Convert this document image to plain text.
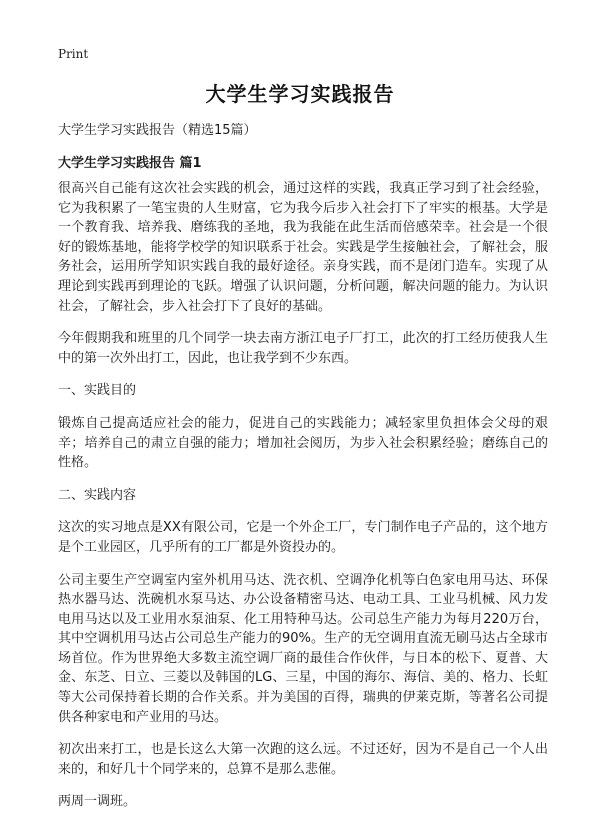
Print
大学生学习实践报告

大学生学习实践报告（精选15篇）

大学生学习实践报告 篇1

很高兴自己能有这次社会实践的机会，通过这样的实践，我真正学习到了社会经验，它为我积累了一笔宝贵的人生财富，它为我今后步入社会打下了牢实的根基。大学是一个教育我、培养我、磨练我的圣地，我为我能在此生活而倍感荣幸。社会是一个很好的锻炼基地，能将学校学的知识联系于社会。实践是学生接触社会，了解社会，服务社会，运用所学知识实践自我的最好途径。亲身实践，而不是闭门造车。实现了从理论到实践再到理论的飞跃。增强了认识问题，分析问题，解决问题的能力。为认识社会，了解社会，步入社会打下了良好的基础。

今年假期我和班里的几个同学一块去南方浙江电子厂打工，此次的打工经历使我人生中的第一次外出打工，因此，也让我学到不少东西。

一、实践目的

锻炼自己提高适应社会的能力，促进自己的实践能力；减轻家里负担体会父母的艰辛；培养自己的肃立自强的能力；增加社会阅历，为步入社会积累经验；磨练自己的性格。

二、实践内容

这次的实习地点是XX有限公司，它是一个外企工厂，专门制作电子产品的，这个地方是个工业园区，几乎所有的工厂都是外资投办的。

公司主要生产空调室内室外机用马达、洗衣机、空调净化机等白色家电用马达、环保热水器马达、洗碗机水泵马达、办公设备精密马达、电动工具、工业马机械、风力发电用马达以及工业用水泵油泵、化工用特种马达。公司总生产能力为每月220万台，其中空调机用马达占公司总生产能力的90%。生产的无空调用直流无刷马达占全球市场首位。作为世界绝大多数主流空调厂商的最佳合作伙伴，与日本的松下、夏普、大金、东芝、日立、三菱以及韩国的LG、三星，中国的海尔、海信、美的、格力、长虹等大公司保持着长期的合作关系。并为美国的百得，瑞典的伊莱克斯，等著名公司提供各种家电和产业用的马达。

初次出来打工，也是长这么大第一次跑的这么远。不过还好，因为不是自己一个人出来的，和好几十个同学来的，总算不是那么悲催。

两周一调班。
